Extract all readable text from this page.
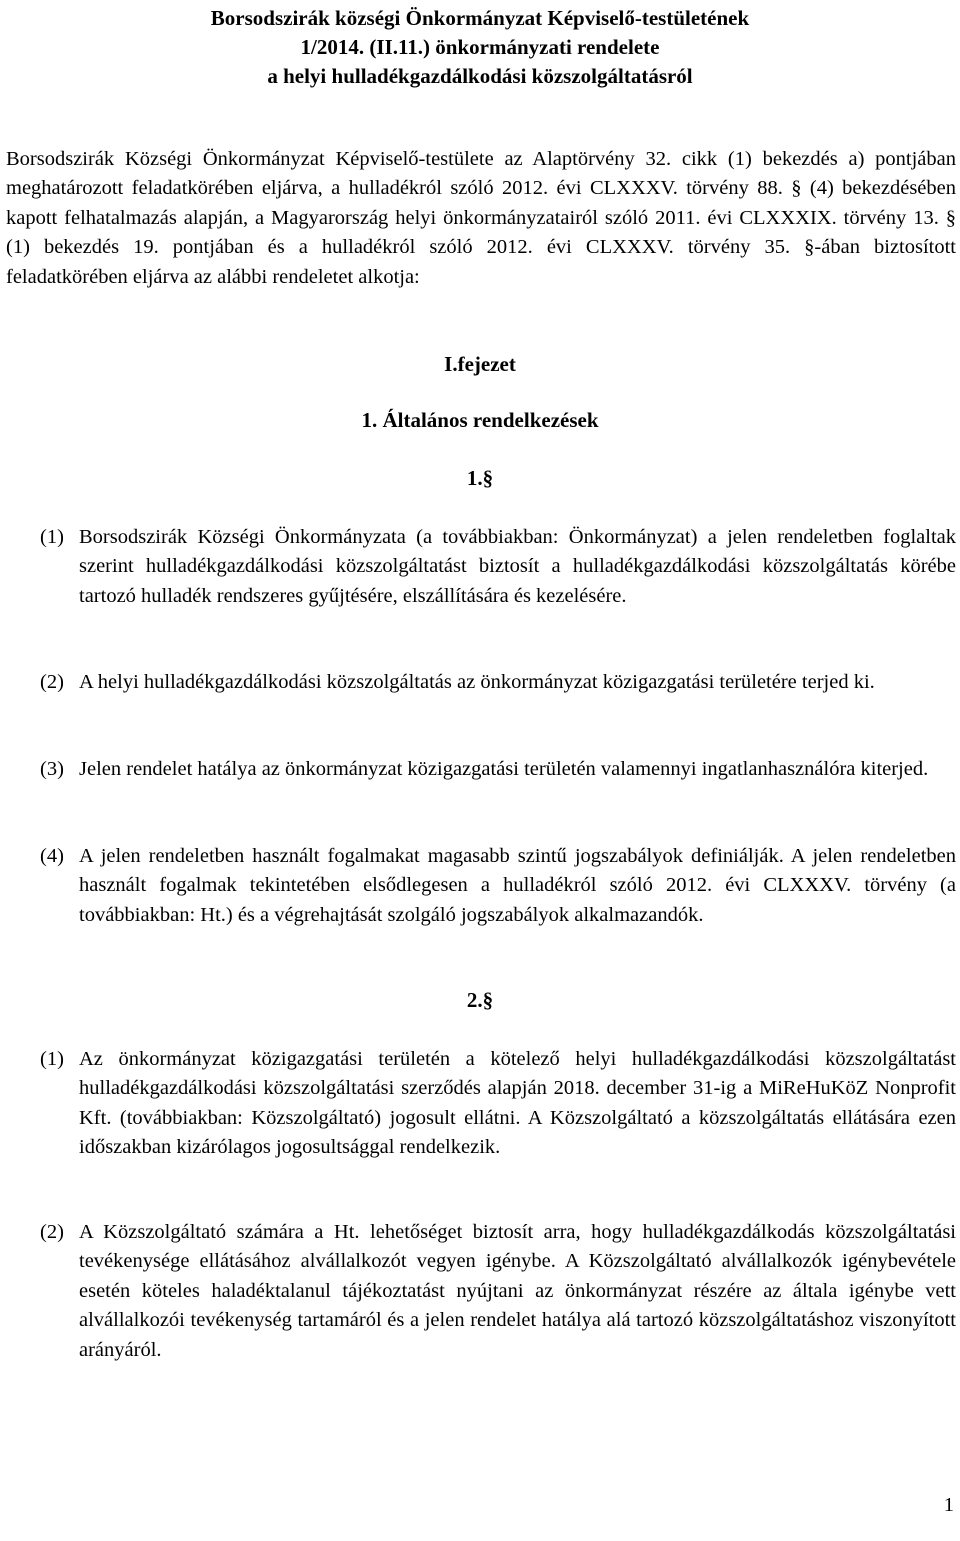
Borsodszirák községi Önkormányzat Képviselő-testületének
1/2014. (II.11.) önkormányzati rendelete
a helyi hulladékgazdálkodási közszolgáltatásról
Borsodszirák Községi Önkormányzat Képviselő-testülete az Alaptörvény 32. cikk (1) bekezdés a) pontjában meghatározott feladatkörében eljárva, a hulladékról szóló 2012. évi CLXXXV. törvény 88. § (4) bekezdésében kapott felhatalmazás alapján, a Magyarország helyi önkormányzatairól szóló 2011. évi CLXXXIX. törvény 13. § (1) bekezdés 19. pontjában és a hulladékról szóló 2012. évi CLXXXV. törvény 35. §-ában biztosított feladatkörében eljárva az alábbi rendeletet alkotja:
I.fejezet
1. Általános rendelkezések
1.§
(1) Borsodszirák Községi Önkormányzata (a továbbiakban: Önkormányzat) a jelen rendeletben foglaltak szerint hulladékgazdálkodási közszolgáltatást biztosít a hulladékgazdálkodási közszolgáltatás körébe tartozó hulladék rendszeres gyűjtésére, elszállítására és kezelésére.
(2) A helyi hulladékgazdálkodási közszolgáltatás az önkormányzat közigazgatási területére terjed ki.
(3) Jelen rendelet hatálya az önkormányzat közigazgatási területén valamennyi ingatlanhasználóra kiterjed.
(4) A jelen rendeletben használt fogalmakat magasabb szintű jogszabályok definiálják. A jelen rendeletben használt fogalmak tekintetében elsődlegesen a hulladékról szóló 2012. évi CLXXXV. törvény (a továbbiakban: Ht.) és a végrehajtását szolgáló jogszabályok alkalmazandók.
2.§
(1) Az önkormányzat közigazgatási területén a kötelező helyi hulladékgazdálkodási közszolgáltatást hulladékgazdálkodási közszolgáltatási szerződés alapján 2018. december 31-ig a MiReHuKöZ Nonprofit Kft. (továbbiakban: Közszolgáltató) jogosult ellátni. A Közszolgáltató a közszolgáltatás ellátására ezen időszakban kizárólagos jogosultsággal rendelkezik.
(2) A Közszolgáltató számára a Ht. lehetőséget biztosít arra, hogy hulladékgazdálkodás közszolgáltatási tevékenysége ellátásához alvállalkozót vegyen igénybe. A Közszolgáltató alvállalkozók igénybevétele esetén köteles haladéktalanul tájékoztatást nyújtani az önkormányzat részére az általa igénybe vett alvállalkozói tevékenység tartamáról és a jelen rendelet hatálya alá tartozó közszolgáltatáshoz viszonyított arányáról.
1
